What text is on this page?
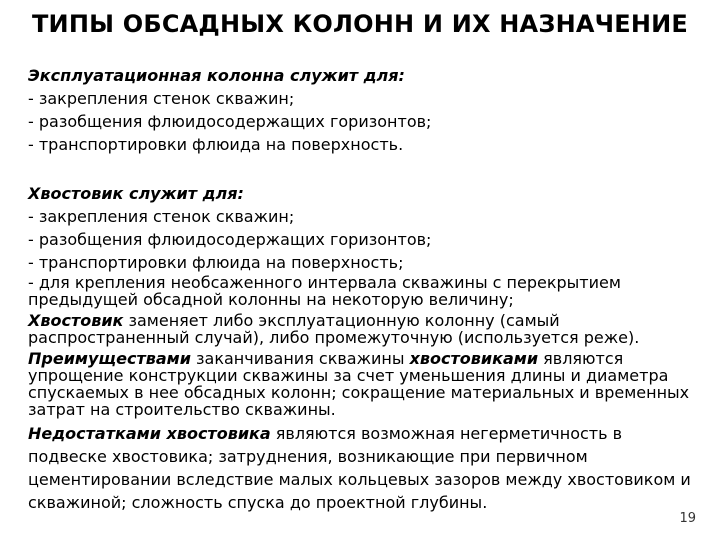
ТИПЫ ОБСАДНЫХ КОЛОНН И ИХ НАЗНАЧЕНИЕ
Эксплуатационная колонна служит для:
- закрепления стенок скважин;
- разобщения флюидосодержащих горизонтов;
- транспортировки флюида на поверхность.
Хвостовик служит для:
- закрепления стенок скважин;
- разобщения флюидосодержащих горизонтов;
- транспортировки флюида на поверхность;
- для крепления необсаженного интервала скважины с перекрытием предыдущей обсадной колонны на некоторую величину;
Хвостовик заменяет либо эксплуатационную колонну (самый распространенный случай), либо промежуточную (используется реже).
Преимуществами заканчивания скважины хвостовиками являются упрощение конструкции скважины за счет уменьшения длины и диаметра спускаемых в нее обсадных колонн; сокращение материальных и временных затрат на строительство скважины.
Недостатками хвостовика являются возможная негерметичность в подвеске хвостовика; затруднения, возникающие при первичном цементировании вследствие малых кольцевых зазоров между хвостовиком и скважиной; сложность спуска до проектной глубины.
19
